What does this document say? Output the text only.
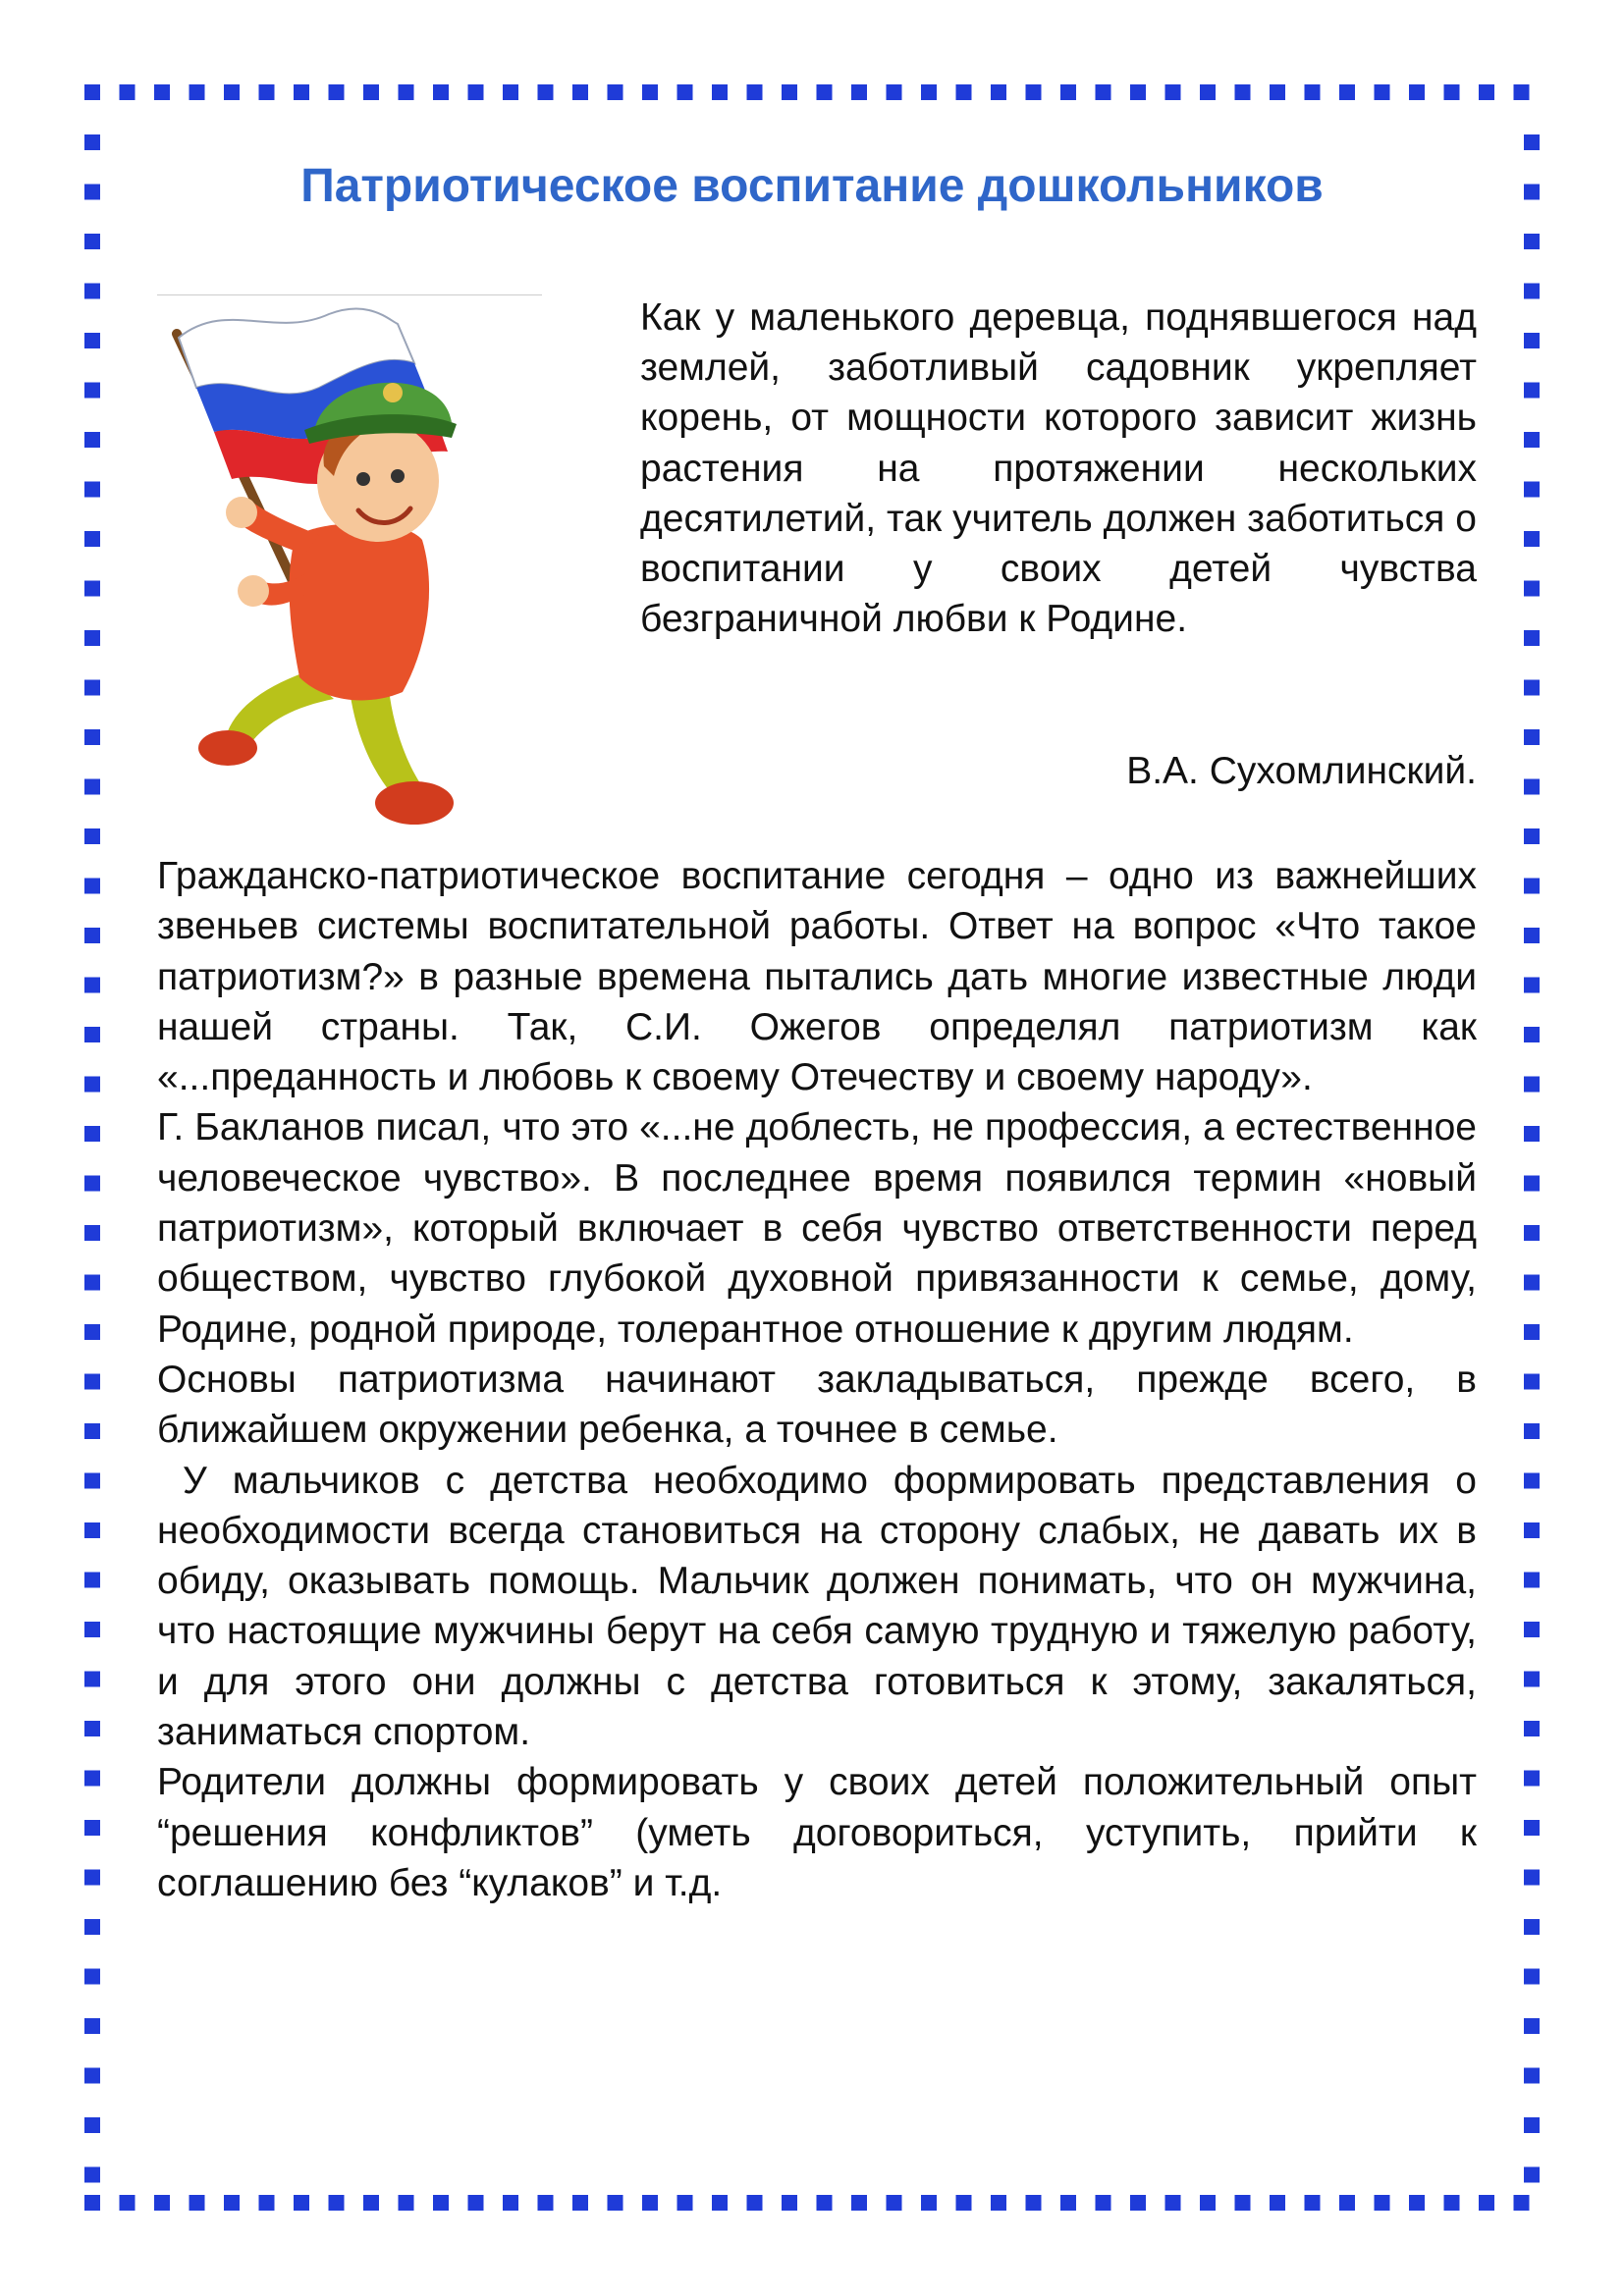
Патриотическое воспитание дошкольников
Как у маленького деревца, поднявшегося над землей, заботливый садовник укрепляет корень, от мощности которого зависит жизнь растения на протяжении нескольких десятилетий, так учитель должен заботиться о воспитании у своих детей чувства безграничной любви к Родине.
В.А. Сухомлинский.

Гражданско-патриотическое воспитание сегодня – одно из важнейших звеньев системы воспитательной работы. Ответ на вопрос «Что такое патриотизм?» в разные времена пытались дать многие известные люди нашей страны. Так, С.И. Ожегов определял патриотизм как «...преданность и любовь к своему Отечеству и своему народу».

Г. Бакланов писал, что это «...не доблесть, не профессия, а естественное человеческое чувство». В последнее время появился термин «новый патриотизм», который включает в себя чувство ответственности перед обществом, чувство глубокой духовной привязанности к семье, дому, Родине, родной природе, толерантное отношение к другим людям.

Основы патриотизма начинают закладываться, прежде всего, в ближайшем окружении ребенка, а точнее в семье.

У мальчиков с детства необходимо формировать представления о необходимости всегда становиться на сторону слабых, не давать их в обиду, оказывать помощь. Мальчик должен понимать, что он мужчина, что настоящие мужчины берут на себя самую трудную и тяжелую работу, и для этого они должны с детства готовиться к этому, закаляться, заниматься спортом.

Родители должны формировать у своих детей положительный опыт “решения конфликтов” (уметь договориться, уступить, прийти к соглашению без “кулаков” и т.д.
